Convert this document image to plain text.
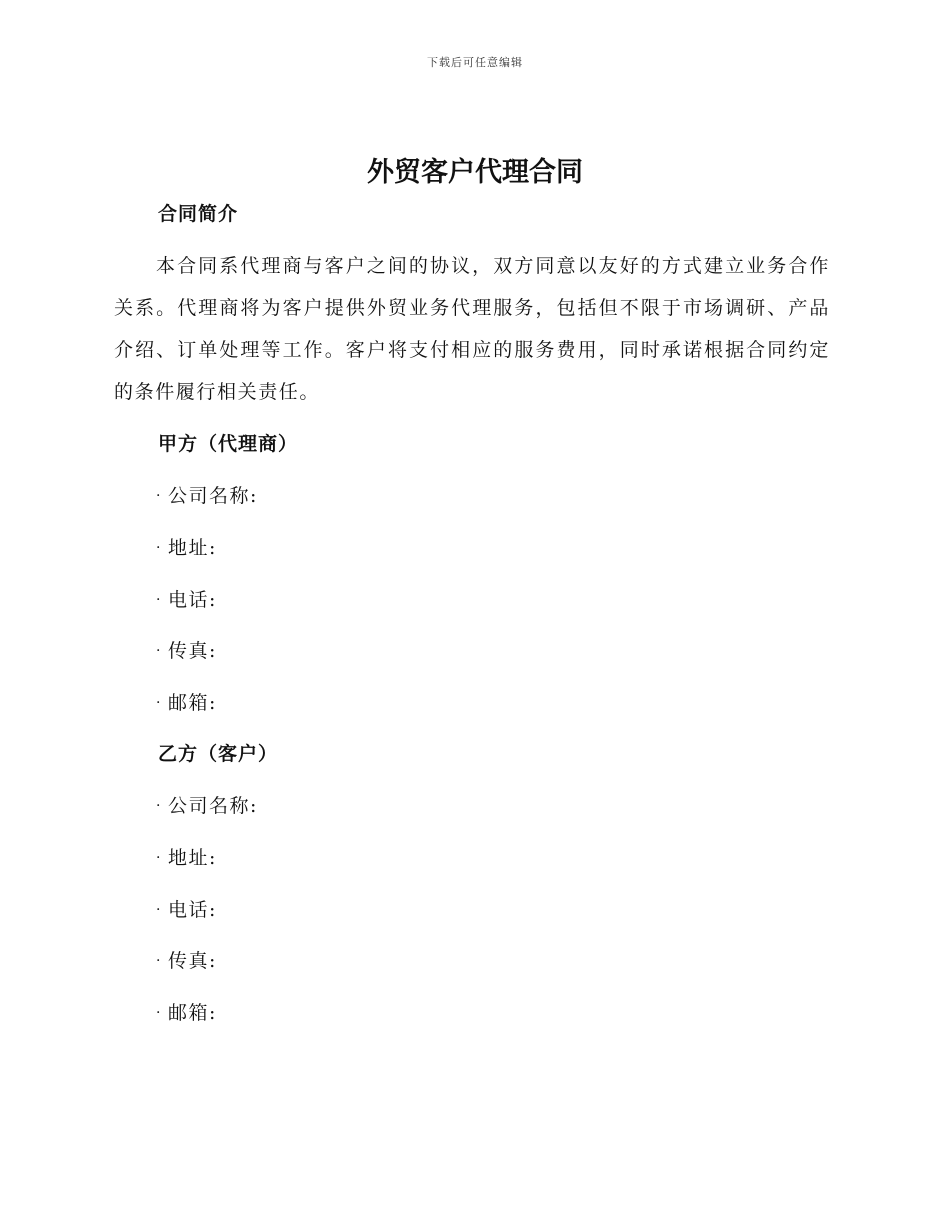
下载后可任意编辑
外贸客户代理合同
合同简介

本合同系代理商与客户之间的协议，双方同意以友好的方式建立业务合作关系。代理商将为客户提供外贸业务代理服务，包括但不限于市场调研、产品介绍、订单处理等工作。客户将支付相应的服务费用，同时承诺根据合同约定的条件履行相关责任。

甲方（代理商）

· 公司名称:

· 地址:

· 电话:

· 传真:

· 邮箱:

乙方（客户）

· 公司名称:

· 地址:

· 电话:

· 传真:

· 邮箱:
